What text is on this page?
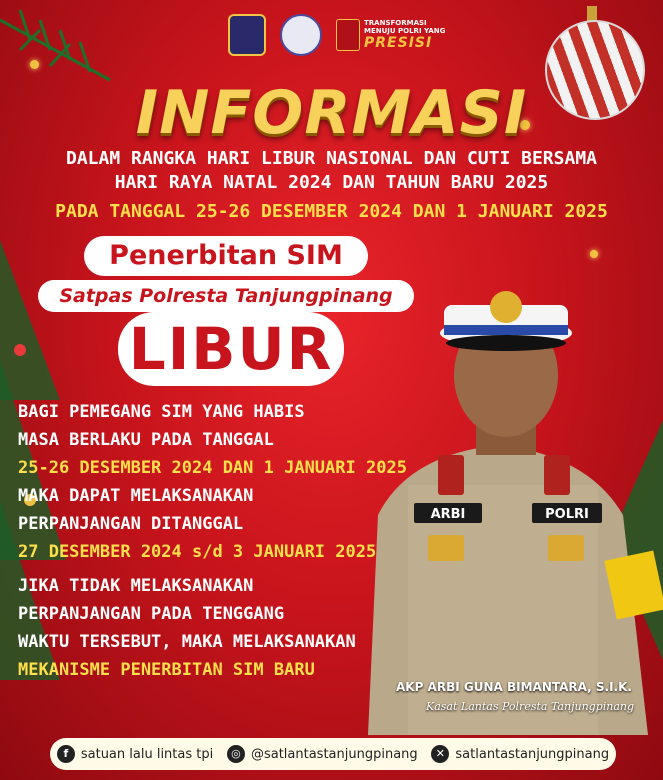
TRANSFORMASI
MENUJU POLRI YANG
PRESISI
INFORMASI
DALAM RANGKA HARI LIBUR NASIONAL DAN CUTI BERSAMA
HARI RAYA NATAL 2024 DAN TAHUN BARU 2025
PADA TANGGAL 25-26 DESEMBER 2024 DAN 1 JANUARI 2025
Penerbitan SIM
Satpas Polresta Tanjungpinang
LIBUR
BAGI PEMEGANG SIM YANG HABIS
MASA BERLAKU PADA TANGGAL
25-26 DESEMBER 2024 DAN 1 JANUARI 2025
MAKA DAPAT MELAKSANAKAN
PERPANJANGAN DITANGGAL
27 DESEMBER 2024 s/d 3 JANUARI 2025
JIKA TIDAK MELAKSANAKAN
PERPANJANGAN PADA TENGGANG
WAKTU TERSEBUT, MAKA MELAKSANAKAN
MEKANISME PENERBITAN SIM BARU
ARBI	POLRI
AKP ARBI GUNA BIMANTARA, S.I.K.
Kasat Lantas Polresta Tanjungpinang
f satuan lalu lintas tpi	◎ @satlantastanjungpinang	✕ satlantastanjungpinang
